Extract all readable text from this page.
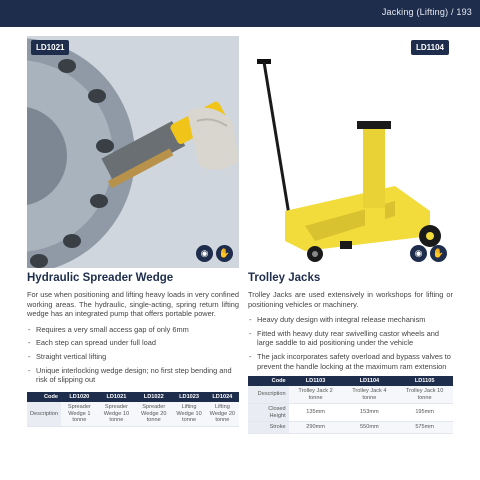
Jacking (Lifting) / 193
LD1021
◉	✋
LD1104
◉	✋
Hydraulic Spreader Wedge

For use when positioning and lifting heavy loads in very confined working areas. The hydraulic, single-acting, spring return lifting wedge has an integrated pump that offers portable power.

- Requires a very small access gap of only 6mm
- Each step can spread under full load
- Straight vertical lifting
- Unique interlocking wedge design; no first step bending and risk of slipping out
Code	LD1020	LD1021	LD1022	LD1023	LD1024
Description	Spreader Wedge 1 tonne	Spreader Wedge 10 tonne	Spreader Wedge 20 tonne	Lifting Wedge 10 tonne	Lifting Wedge 20 tonne
Trolley Jacks

Trolley Jacks are used extensively in workshops for lifting or positioning vehicles or machinery.

- Heavy duty design with integral release mechanism
- Fitted with heavy duty rear swivelling castor wheels and large saddle to aid positioning under the vehicle
- The jack incorporates safety overload and bypass valves to prevent the handle locking at the maximum ram extension
Code	LD1103	LD1104	LD1105
Description	Trolley Jack 2 tonne	Trolley Jack 4 tonne	Trolley Jack 10 tonne
Closed Height	135mm	153mm	195mm
Stroke	290mm	550mm	575mm
